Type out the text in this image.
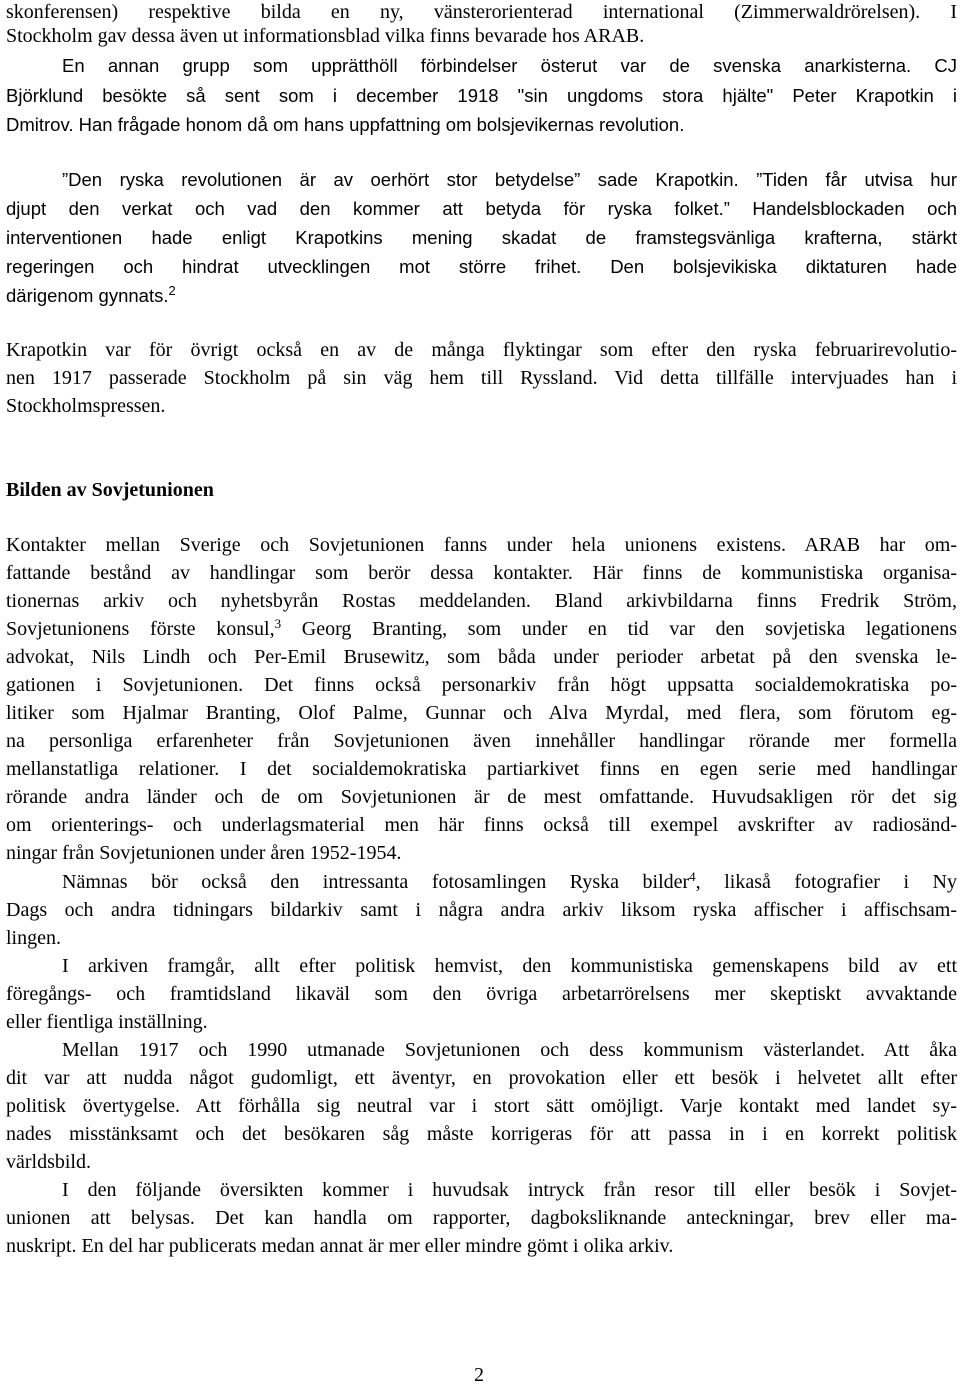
skonferensen) respektive bilda en ny, vänsterorienterad international (Zimmerwaldrörelsen). I
Stockholm gav dessa även ut informationsblad vilka finns bevarade hos ARAB.
En annan grupp som upprätthöll förbindelser österut var de svenska anarkisterna. CJ
Björklund besökte så sent som i december 1918 "sin ungdoms stora hjälte" Peter Krapotkin i
Dmitrov. Han frågade honom då om hans uppfattning om bolsjevikernas revolution.
”Den ryska revolutionen är av oerhört stor betydelse” sade Krapotkin. ”Tiden får utvisa hur
djupt den verkat och vad den kommer att betyda för ryska folket.” Handelsblockaden och
interventionen hade enligt Krapotkins mening skadat de framstegsvänliga krafterna, stärkt
regeringen och hindrat utvecklingen mot större frihet. Den bolsjevikiska diktaturen hade
därigenom gynnats.$^2$
Krapotkin var för övrigt också en av de många flyktingar som efter den ryska februarirevolutio-
nen 1917 passerade Stockholm på sin väg hem till Ryssland. Vid detta tillfälle intervjuades han i
Stockholmspressen.
Bilden av Sovjetunionen
Kontakter mellan Sverige och Sovjetunionen fanns under hela unionens existens. ARAB har om-
fattande bestånd av handlingar som berör dessa kontakter. Här finns de kommunistiska organisa-
tionernas arkiv och nyhetsbyrån Rostas meddelanden. Bland arkivbildarna finns Fredrik Ström,
Sovjetunionens förste konsul,$^3$ Georg Branting, som under en tid var den sovjetiska legationens
advokat, Nils Lindh och Per-Emil Brusewitz, som båda under perioder arbetat på den svenska le-
gationen i Sovjetunionen. Det finns också personarkiv från högt uppsatta socialdemokratiska po-
litiker som Hjalmar Branting, Olof Palme, Gunnar och Alva Myrdal, med flera, som förutom eg-
na personliga erfarenheter från Sovjetunionen även innehåller handlingar rörande mer formella
mellanstatliga relationer. I det socialdemokratiska partiarkivet finns en egen serie med handlingar
rörande andra länder och de om Sovjetunionen är de mest omfattande. Huvudsakligen rör det sig
om orienterings- och underlagsmaterial men här finns också till exempel avskrifter av radiosänd-
ningar från Sovjetunionen under åren 1952-1954.
Nämnas bör också den intressanta fotosamlingen Ryska bilder$^4$, likaså fotografier i Ny
Dags och andra tidningars bildarkiv samt i några andra arkiv liksom ryska affischer i affischsam-
lingen.
I arkiven framgår, allt efter politisk hemvist, den kommunistiska gemenskapens bild av ett
föregångs- och framtidsland likaväl som den övriga arbetarrörelsens mer skeptiskt avvaktande
eller fientliga inställning.
Mellan 1917 och 1990 utmanade Sovjetunionen och dess kommunism västerlandet. Att åka
dit var att nudda något gudomligt, ett äventyr, en provokation eller ett besök i helvetet allt efter
politisk övertygelse. Att förhålla sig neutral var i stort sätt omöjligt. Varje kontakt med landet sy-
nades misstänksamt och det besökaren såg måste korrigeras för att passa in i en korrekt politisk
världsbild.
I den följande översikten kommer i huvudsak intryck från resor till eller besök i Sovjet-
unionen att belysas. Det kan handla om rapporter, dagboksliknande anteckningar, brev eller ma-
nuskript. En del har publicerats medan annat är mer eller mindre gömt i olika arkiv.
2
